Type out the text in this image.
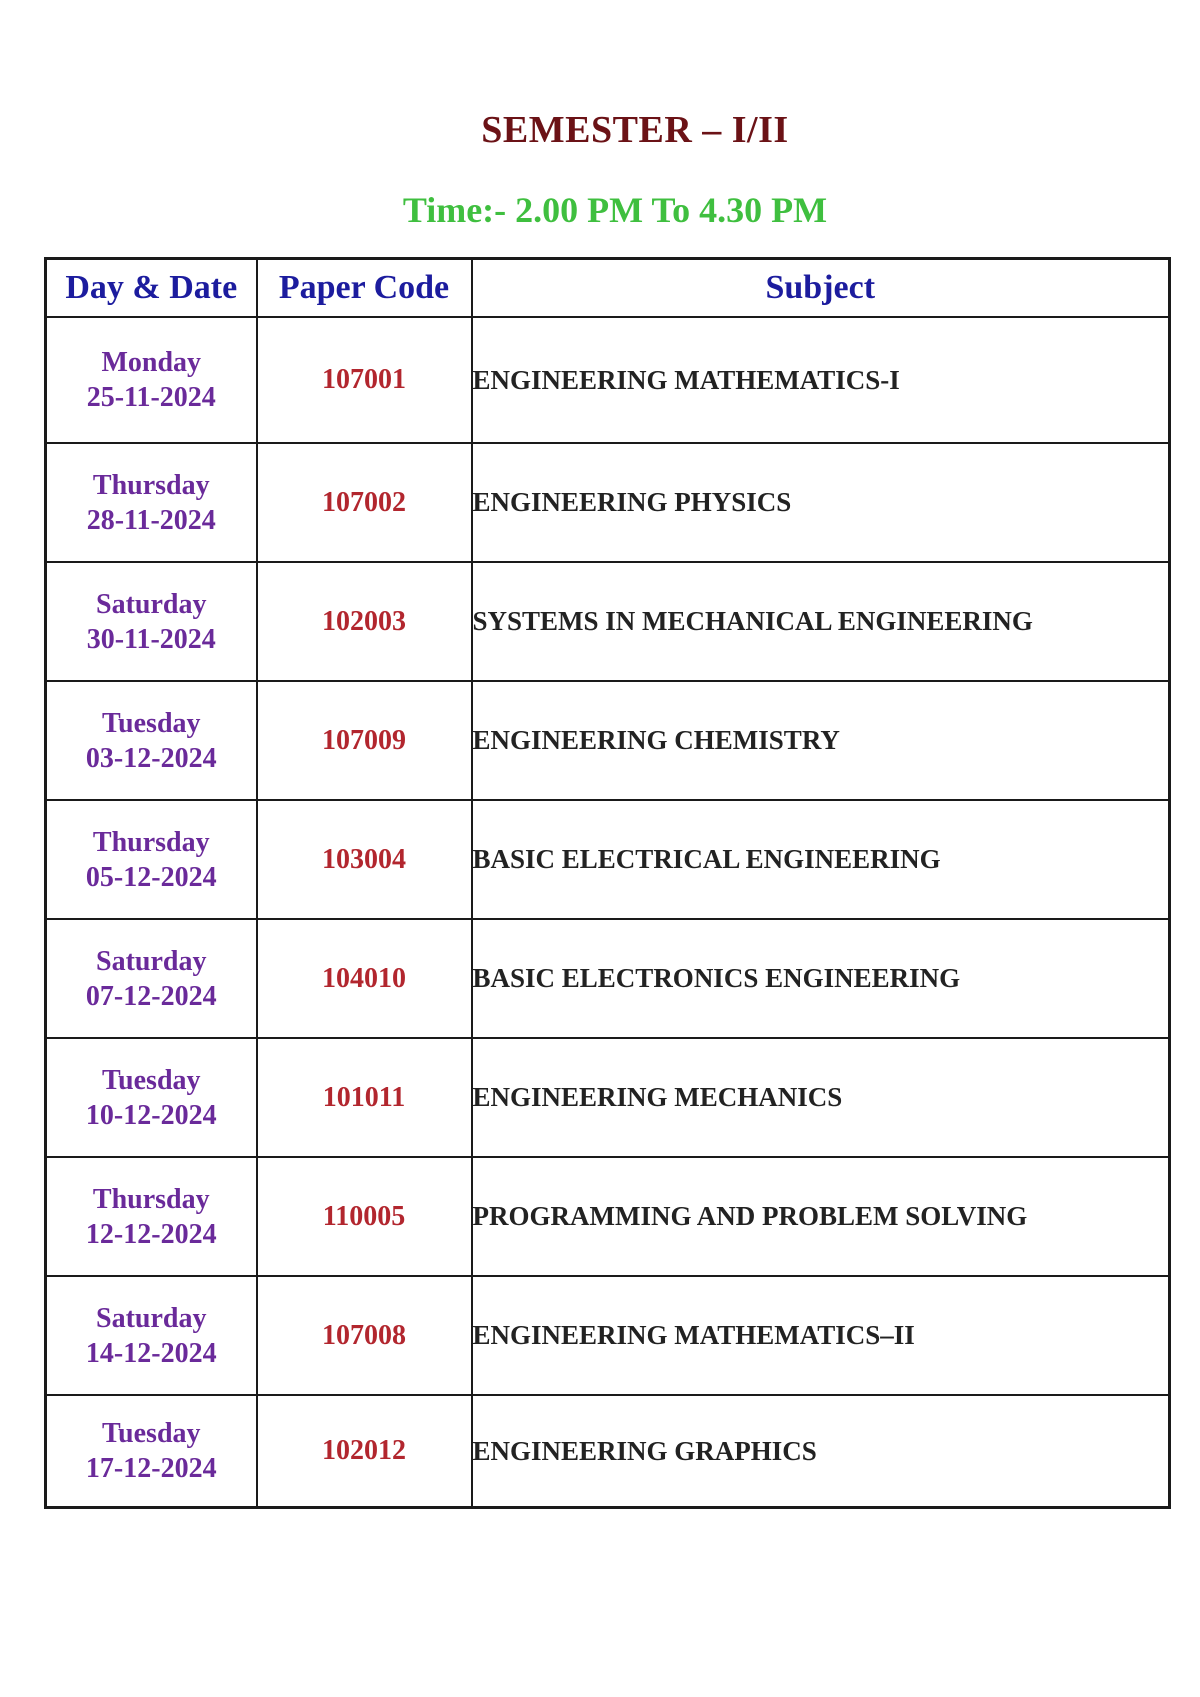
SEMESTER – I/II
Time:- 2.00 PM To 4.30 PM
Day & Date	Paper Code	Subject

Monday
25-11-2024	107001	ENGINEERING MATHEMATICS-I

Thursday
28-11-2024	107002	ENGINEERING PHYSICS

Saturday
30-11-2024	102003	SYSTEMS IN MECHANICAL ENGINEERING

Tuesday
03-12-2024	107009	ENGINEERING CHEMISTRY

Thursday
05-12-2024	103004	BASIC ELECTRICAL ENGINEERING

Saturday
07-12-2024	104010	BASIC ELECTRONICS ENGINEERING

Tuesday
10-12-2024	101011	ENGINEERING MECHANICS

Thursday
12-12-2024	110005	PROGRAMMING AND PROBLEM SOLVING

Saturday
14-12-2024	107008	ENGINEERING MATHEMATICS–II

Tuesday
17-12-2024	102012	ENGINEERING GRAPHICS
